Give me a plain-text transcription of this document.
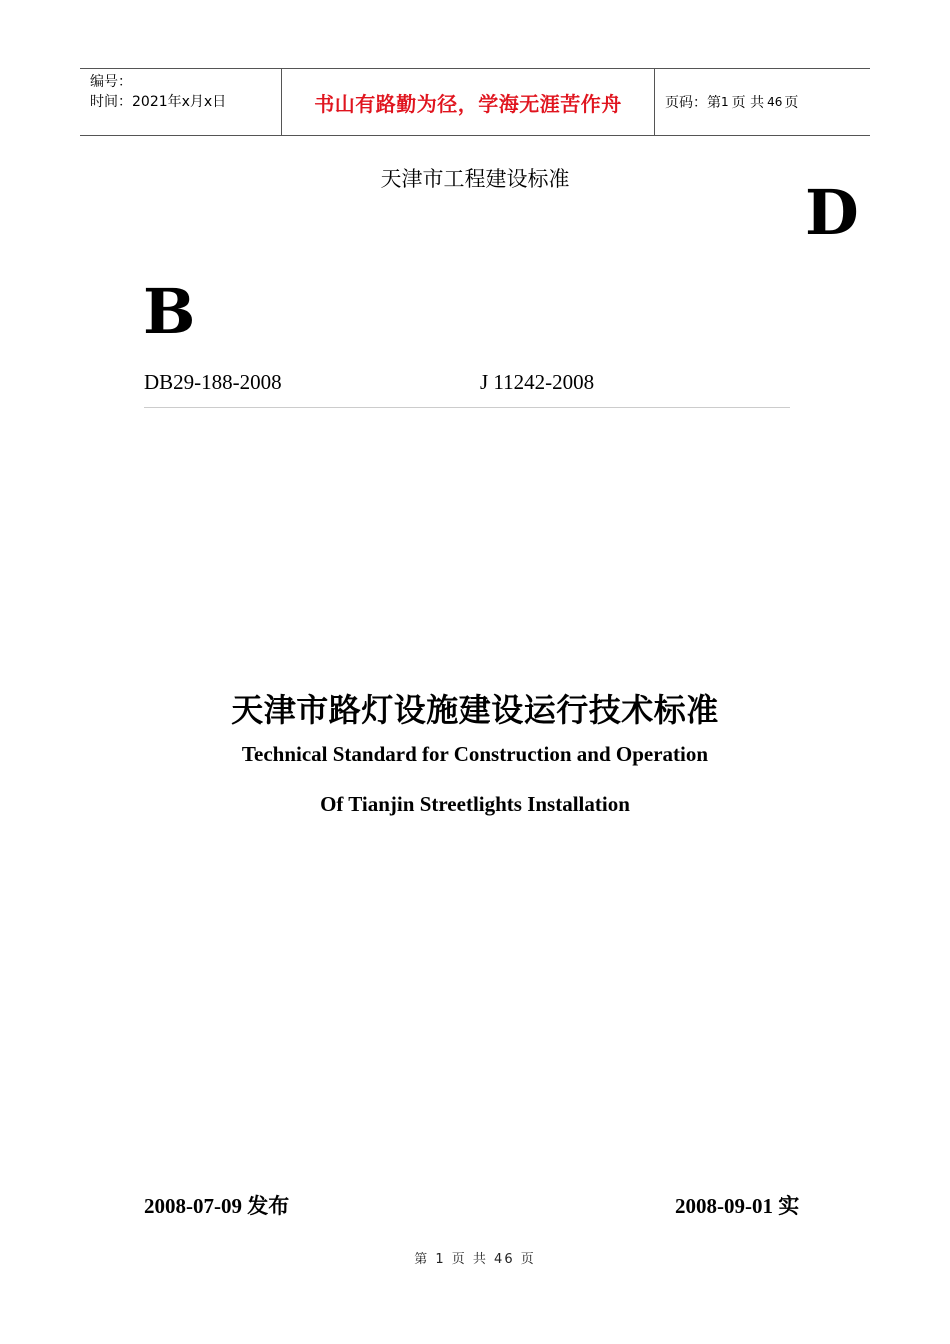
编号：
时间：2021年x月x日	书山有路勤为径，学海无涯苦作舟	页码：第 1 页 共 46 页
天津市工程建设标准	D
B
DB29-188-2008	J 11242-2008
天津市路灯设施建设运行技术标准
Technical Standard for Construction and Operation
Of Tianjin Streetlights Installation
2008-07-09 发布	2008-09-01 实
第 1 页 共 46 页
